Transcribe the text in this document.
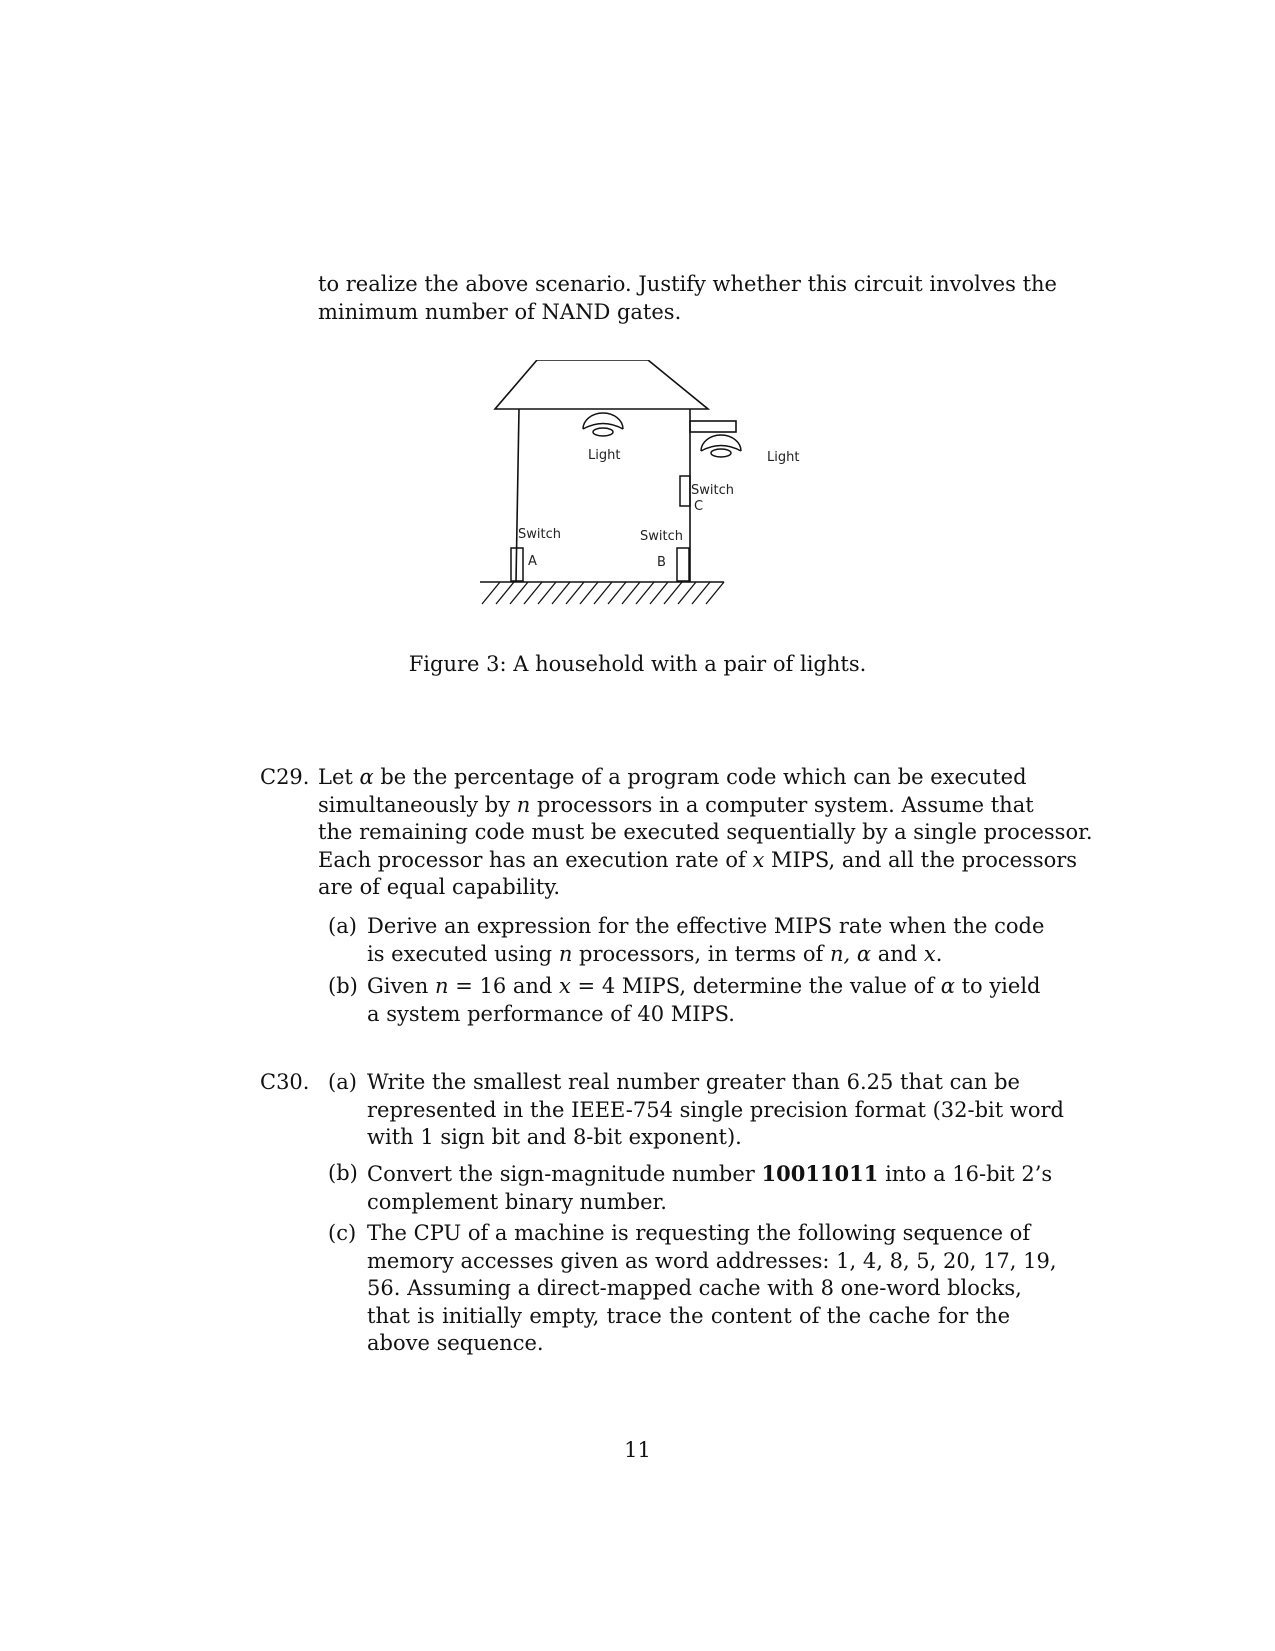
to realize the above scenario. Justify whether this circuit involves the
minimum number of NAND gates.
Light
Switch
C
Switch
A
Switch
B
Light
Figure 3: A household with a pair of lights.
C29. Let α be the percentage of a program code which can be executed
simultaneously by n processors in a computer system. Assume that
the remaining code must be executed sequentially by a single processor.
Each processor has an execution rate of x MIPS, and all the processors
are of equal capability.
(a) Derive an expression for the effective MIPS rate when the code
is executed using n processors, in terms of n, α and x.
(b) Given n = 16 and x = 4 MIPS, determine the value of α to yield
a system performance of 40 MIPS.
C30. (a) Write the smallest real number greater than 6.25 that can be
represented in the IEEE-754 single precision format (32-bit word
with 1 sign bit and 8-bit exponent).
(b) Convert the sign-magnitude number 10011011 into a 16-bit 2’s
complement binary number.
(c) The CPU of a machine is requesting the following sequence of
memory accesses given as word addresses: 1, 4, 8, 5, 20, 17, 19,
56. Assuming a direct-mapped cache with 8 one-word blocks,
that is initially empty, trace the content of the cache for the
above sequence.
11
